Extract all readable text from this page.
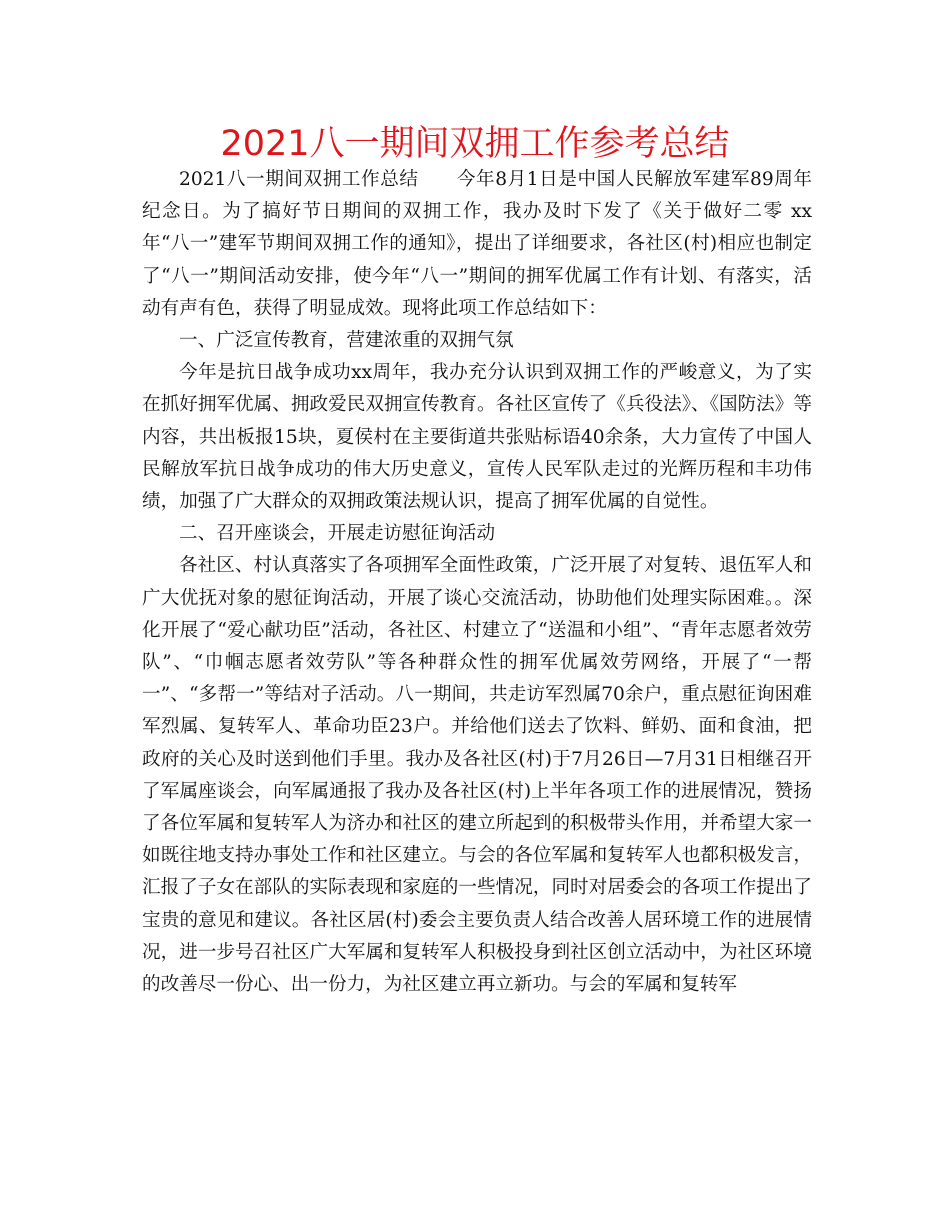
2021八一期间双拥工作参考总结

2021八一期间双拥工作总结　　今年8月1日是中国人民解放军建军89周年纪念日。为了搞好节日期间的双拥工作，我办及时下发了《关于做好二零 xx 年“八一”建军节期间双拥工作的通知》，提出了详细要求，各社区(村)相应也制定了“八一”期间活动安排，使今年“八一”期间的拥军优属工作有计划、有落实，活动有声有色，获得了明显成效。现将此项工作总结如下：

一、广泛宣传教育，营建浓重的双拥气氛

今年是抗日战争成功xx周年，我办充分认识到双拥工作的严峻意义，为了实在抓好拥军优属、拥政爱民双拥宣传教育。各社区宣传了《兵役法》、《国防法》等内容，共出板报15块，夏侯村在主要街道共张贴标语40余条，大力宣传了中国人民解放军抗日战争成功的伟大历史意义，宣传人民军队走过的光辉历程和丰功伟绩，加强了广大群众的双拥政策法规认识，提高了拥军优属的自觉性。

二、召开座谈会，开展走访慰征询活动

各社区、村认真落实了各项拥军全面性政策，广泛开展了对复转、退伍军人和广大优抚对象的慰征询活动，开展了谈心交流活动，协助他们处理实际困难。。深化开展了“爱心献功臣”活动，各社区、村建立了“送温和小组”、“青年志愿者效劳队”、“巾帼志愿者效劳队”等各种群众性的拥军优属效劳网络，开展了“一帮一”、“多帮一”等结对子活动。八一期间，共走访军烈属70余户，重点慰征询困难军烈属、复转军人、革命功臣23户。并给他们送去了饮料、鲜奶、面和食油，把政府的关心及时送到他们手里。我办及各社区(村)于7月26日—7月31日相继召开了军属座谈会，向军属通报了我办及各社区(村)上半年各项工作的进展情况，赞扬了各位军属和复转军人为济办和社区的建立所起到的积极带头作用，并希望大家一如既往地支持办事处工作和社区建立。与会的各位军属和复转军人也都积极发言，汇报了子女在部队的实际表现和家庭的一些情况，同时对居委会的各项工作提出了宝贵的意见和建议。各社区居(村)委会主要负责人结合改善人居环境工作的进展情况，进一步号召社区广大军属和复转军人积极投身到社区创立活动中，为社区环境的改善尽一份心、出一份力，为社区建立再立新功。与会的军属和复转军
